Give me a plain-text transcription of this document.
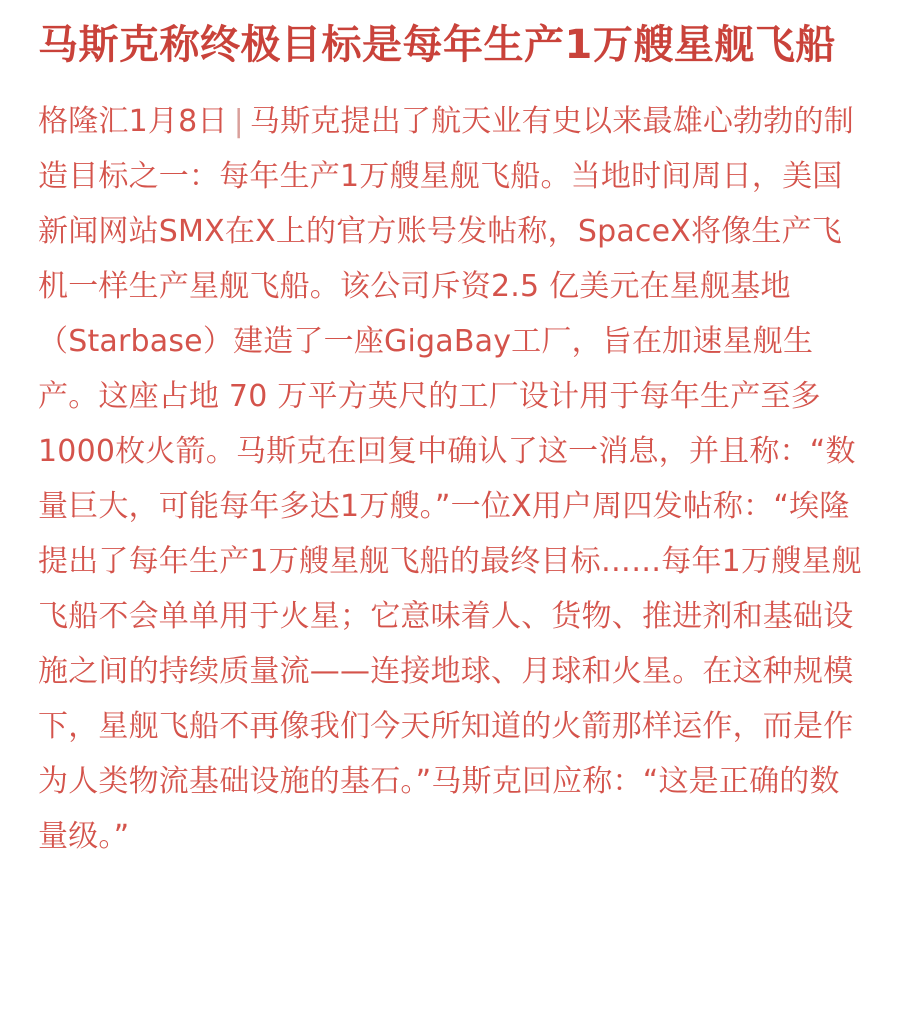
马斯克称终极目标是每年生产1万艘星舰飞船

格隆汇1月8日 | 马斯克提出了航天业有史以来最雄心勃勃的制造目标之一：每年生产1万艘星舰飞船。当地时间周日，美国新闻网站SMX在X上的官方账号发帖称，SpaceX将像生产飞机一样生产星舰飞船。该公司斥资2.5 亿美元在星舰基地（Starbase）建造了一座GigaBay工厂，旨在加速星舰生产。这座占地 70 万平方英尺的工厂设计用于每年生产至多1000枚火箭。马斯克在回复中确认了这一消息，并且称：“数量巨大，可能每年多达1万艘。”一位X用户周四发帖称：“埃隆提出了每年生产1万艘星舰飞船的最终目标……每年1万艘星舰飞船不会单单用于火星；它意味着人、货物、推进剂和基础设施之间的持续质量流——连接地球、月球和火星。在这种规模下，星舰飞船不再像我们今天所知道的火箭那样运作，而是作为人类物流基础设施的基石。”马斯克回应称：“这是正确的数量级。”
